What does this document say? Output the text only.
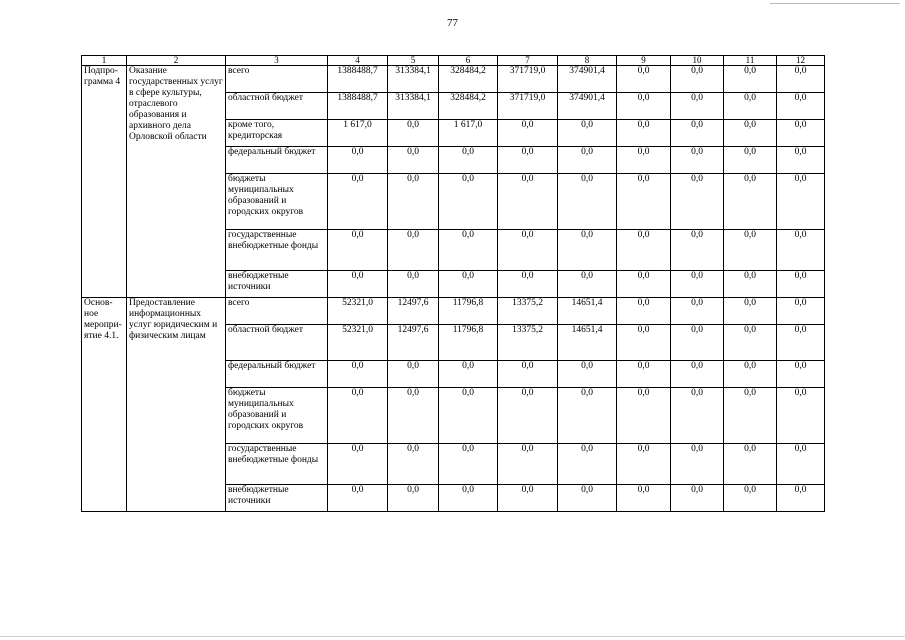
77
1	2	3	4	5	6	7	8	9	10	11	12
Подпро-
грамма 4	Оказание государственных услуг в сфере культуры, отраслевого образования и архивного дела Орловской области	всего	1388488,7	313384,1	328484,2	371719,0	374901,4	0,0	0,0	0,0	0,0
		областной бюджет	1388488,7	313384,1	328484,2	371719,0	374901,4	0,0	0,0	0,0	0,0
		кроме того, кредиторская	1 617,0	0,0	1 617,0	0,0	0,0	0,0	0,0	0,0	0,0
		федеральный бюджет	0,0	0,0	0,0	0,0	0,0	0,0	0,0	0,0	0,0
		бюджеты муниципальных образований и городских округов	0,0	0,0	0,0	0,0	0,0	0,0	0,0	0,0	0,0
		государственные внебюджетные фонды	0,0	0,0	0,0	0,0	0,0	0,0	0,0	0,0	0,0
		внебюджетные источники	0,0	0,0	0,0	0,0	0,0	0,0	0,0	0,0	0,0
Основ-
ное
меропри-
ятие 4.1.	Предоставление информационных услуг юридическим и физическим лицам	всего	52321,0	12497,6	11796,8	13375,2	14651,4	0,0	0,0	0,0	0,0
		областной бюджет	52321,0	12497,6	11796,8	13375,2	14651,4	0,0	0,0	0,0	0,0
		федеральный бюджет	0,0	0,0	0,0	0,0	0,0	0,0	0,0	0,0	0,0
		бюджеты муниципальных образований и городских округов	0,0	0,0	0,0	0,0	0,0	0,0	0,0	0,0	0,0
		государственные внебюджетные фонды	0,0	0,0	0,0	0,0	0,0	0,0	0,0	0,0	0,0
		внебюджетные источники	0,0	0,0	0,0	0,0	0,0	0,0	0,0	0,0	0,0
